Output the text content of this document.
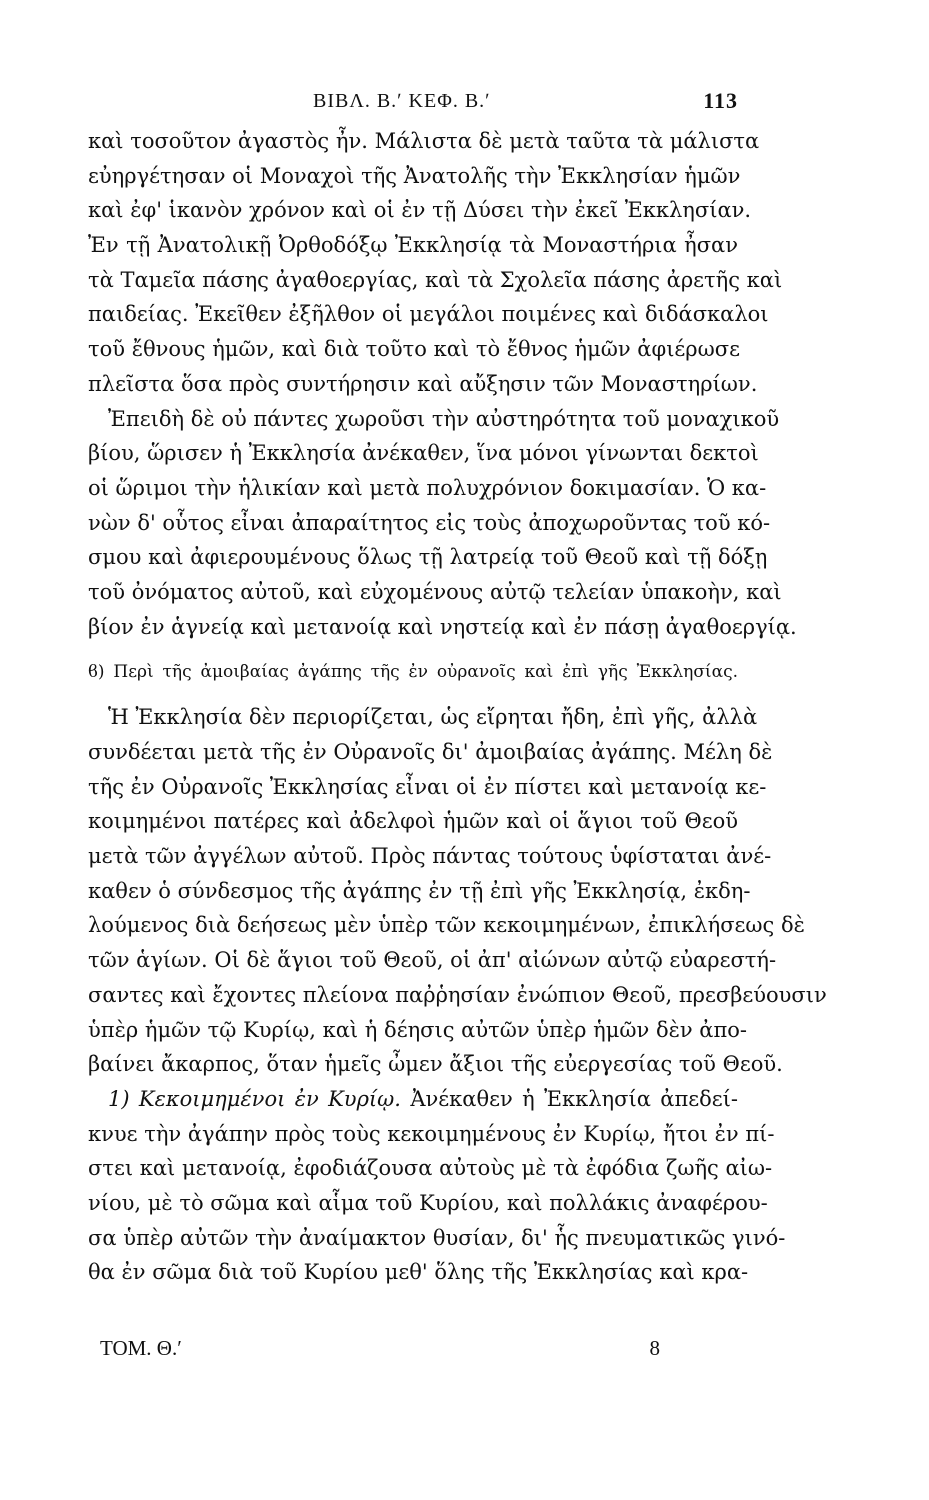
ΒΙΒΛ. Β.ʹ ΚΕΦ. Β.ʹ	113
καὶ τοσοῦτον ἀγαστὸς ἦν. Μάλιστα δὲ μετὰ ταῦτα τὰ μάλιστα
εὐηργέτησαν οἱ Μοναχοὶ τῆς Ἀνατολῆς τὴν Ἐκκλησίαν ἡμῶν
καὶ ἐφ' ἱκανὸν χρόνον καὶ οἱ ἐν τῇ Δύσει τὴν ἐκεῖ Ἐκκλησίαν.
Ἐν τῇ Ἀνατολικῇ Ὀρθοδόξῳ Ἐκκλησίᾳ τὰ Μοναστήρια ἦσαν
τὰ Ταμεῖα πάσης ἀγαθοεργίας, καὶ τὰ Σχολεῖα πάσης ἀρετῆς καὶ
παιδείας. Ἐκεῖθεν ἐξῆλθον οἱ μεγάλοι ποιμένες καὶ διδάσκαλοι
τοῦ ἔθνους ἡμῶν, καὶ διὰ τοῦτο καὶ τὸ ἔθνος ἡμῶν ἀφιέρωσε
πλεῖστα ὅσα πρὸς συντήρησιν καὶ αὔξησιν τῶν Μοναστηρίων.
Ἐπειδὴ δὲ οὐ πάντες χωροῦσι τὴν αὐστηρότητα τοῦ μοναχικοῦ
βίου, ὥρισεν ἡ Ἐκκλησία ἀνέκαθεν, ἵνα μόνοι γίνωνται δεκτοὶ
οἱ ὥριμοι τὴν ἡλικίαν καὶ μετὰ πολυχρόνιον δοκιμασίαν. Ὁ κα-
νὼν δ' οὗτος εἶναι ἀπαραίτητος εἰς τοὺς ἀποχωροῦντας τοῦ κό-
σμου καὶ ἀφιερουμένους ὅλως τῇ λατρείᾳ τοῦ Θεοῦ καὶ τῇ δόξῃ
τοῦ ὀνόματος αὐτοῦ, καὶ εὐχομένους αὐτῷ τελείαν ὑπακοὴν, καὶ
βίον ἐν ἁγνείᾳ καὶ μετανοίᾳ καὶ νηστείᾳ καὶ ἐν πάσῃ ἀγαθοεργίᾳ.
ϐ) Περὶ τῆς ἀμοιβαίας ἀγάπης τῆς ἐν οὐρανοῖς καὶ ἐπὶ γῆς Ἐκκλησίας.
Ἡ Ἐκκλησία δὲν περιορίζεται, ὡς εἴρηται ἤδη, ἐπὶ γῆς, ἀλλὰ
συνδέεται μετὰ τῆς ἐν Οὐρανοῖς δι' ἀμοιβαίας ἀγάπης. Μέλη δὲ
τῆς ἐν Οὐρανοῖς Ἐκκλησίας εἶναι οἱ ἐν πίστει καὶ μετανοίᾳ κε-
κοιμημένοι πατέρες καὶ ἀδελφοὶ ἡμῶν καὶ οἱ ἅγιοι τοῦ Θεοῦ
μετὰ τῶν ἀγγέλων αὐτοῦ. Πρὸς πάντας τούτους ὑφίσταται ἀνέ-
καθεν ὁ σύνδεσμος τῆς ἀγάπης ἐν τῇ ἐπὶ γῆς Ἐκκλησίᾳ, ἐκδη-
λούμενος διὰ δεήσεως μὲν ὑπὲρ τῶν κεκοιμημένων, ἐπικλήσεως δὲ
τῶν ἁγίων. Οἱ δὲ ἅγιοι τοῦ Θεοῦ, οἱ ἀπ' αἰώνων αὐτῷ εὐαρεστή-
σαντες καὶ ἔχοντες πλείονα παῤῥησίαν ἐνώπιον Θεοῦ, πρεσβεύουσιν
ὑπὲρ ἡμῶν τῷ Κυρίῳ, καὶ ἡ δέησις αὐτῶν ὑπὲρ ἡμῶν δὲν ἀπο-
βαίνει ἄκαρπος, ὅταν ἡμεῖς ὦμεν ἄξιοι τῆς εὐεργεσίας τοῦ Θεοῦ.
1) Κεκοιμημένοι ἐν Κυρίῳ. Ἀνέκαθεν ἡ Ἐκκλησία ἀπεδεί-
κνυε τὴν ἀγάπην πρὸς τοὺς κεκοιμημένους ἐν Κυρίῳ, ἤτοι ἐν πί-
στει καὶ μετανοίᾳ, ἐφοδιάζουσα αὐτοὺς μὲ τὰ ἐφόδια ζωῆς αἰω-
νίου, μὲ τὸ σῶμα καὶ αἷμα τοῦ Κυρίου, καὶ πολλάκις ἀναφέρου-
σα ὑπὲρ αὐτῶν τὴν ἀναίμακτον θυσίαν, δι' ἧς πνευματικῶς γινό-
θα ἐν σῶμα διὰ τοῦ Κυρίου μεθ' ὅλης τῆς Ἐκκλησίας καὶ κρα-
ΤΟΜ. Θ.ʹ	8
